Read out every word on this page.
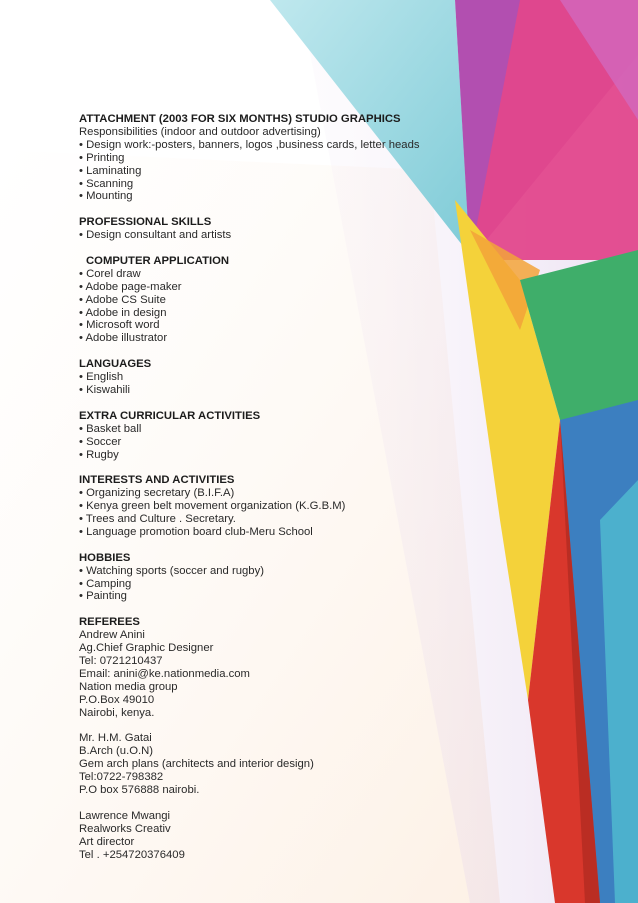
ATTACHMENT (2003 FOR SIX MONTHS) STUDIO GRAPHICS
Responsibilities (indoor and outdoor advertising)
• Design work:-posters, banners, logos ,business cards, letter heads
• Printing
• Laminating
• Scanning
• Mounting
PROFESSIONAL SKILLS
• Design consultant and artists
COMPUTER APPLICATION
• Corel draw
• Adobe page-maker
• Adobe CS Suite
• Adobe in design
• Microsoft word
• Adobe illustrator
LANGUAGES
• English
• Kiswahili
EXTRA CURRICULAR ACTIVITIES
• Basket ball
• Soccer
• Rugby
INTERESTS AND ACTIVITIES
• Organizing secretary (B.I.F.A)
• Kenya green belt movement organization (K.G.B.M)
• Trees and Culture . Secretary.
• Language promotion board club-Meru School
HOBBIES
• Watching sports (soccer and rugby)
• Camping
• Painting
REFEREES
Andrew Anini
Ag.Chief Graphic Designer
Tel: 0721210437
Email: anini@ke.nationmedia.com
Nation media group
P.O.Box 49010
Nairobi, kenya.
Mr. H.M. Gatai
B.Arch (u.O.N)
Gem arch plans (architects and interior design)
Tel:0722-798382
P.O box 576888 nairobi.
Lawrence Mwangi
Realworks Creativ
Art director
Tel . +254720376409
